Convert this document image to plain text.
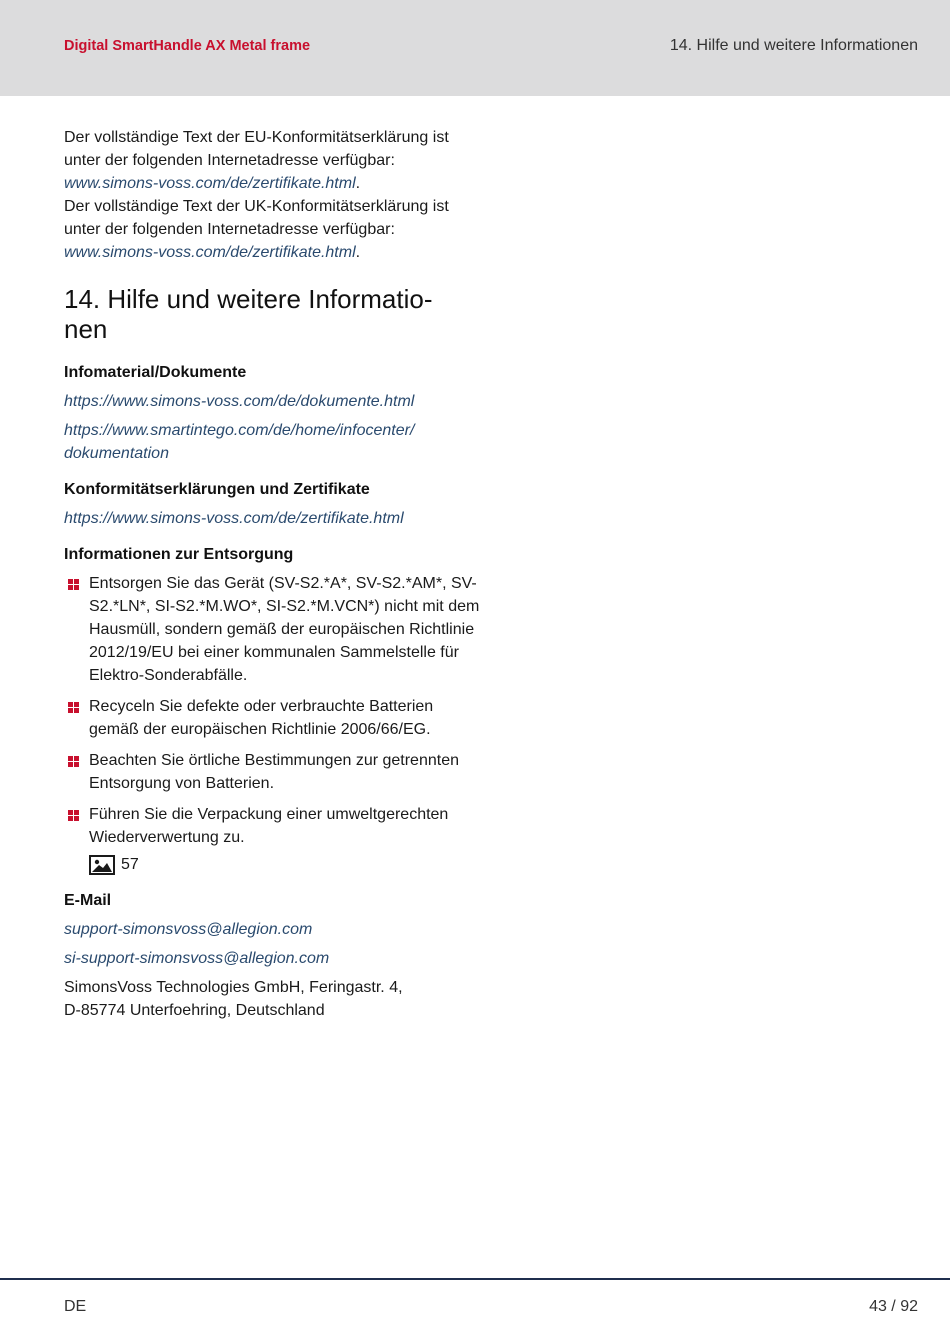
Digital SmartHandle AX Metal frame	14. Hilfe und weitere Informationen

Der vollständige Text der EU-Konformitätserklärung ist unter der folgenden Internetadresse verfügbar:

www.simons-voss.com/de/zertifikate.html.

Der vollständige Text der UK-Konformitätserklärung ist unter der folgenden Internetadresse verfügbar:

www.simons-voss.com/de/zertifikate.html.

14. Hilfe und weitere Informatio-
nen
Infomaterial/Dokumente

https://www.simons-voss.com/de/dokumente.html

https://www.smartintego.com/de/home/infocenter/
dokumentation

Konformitätserklärungen und Zertifikate

https://www.simons-voss.com/de/zertifikate.html

Informationen zur Entsorgung
Entsorgen Sie das Gerät (SV-S2.*A*, SV-S2.*AM*, SV-S2.*LN*, SI-S2.*M.WO*, SI-S2.*M.VCN*) nicht mit dem Hausmüll, sondern gemäß der europäischen Richtlinie 2012/19/EU bei einer kommunalen Sammelstelle für Elektro-Sonderabfälle.
Recyceln Sie defekte oder verbrauchte Batterien gemäß der europäischen Richtlinie 2006/66/EG.
Beachten Sie örtliche Bestimmungen zur getrennten Entsorgung von Batterien.
Führen Sie die Verpackung einer umweltgerechten Wiederverwertung zu.
57
E-Mail

support-simonsvoss@allegion.com

si-support-simonsvoss@allegion.com

SimonsVoss Technologies GmbH, Feringastr. 4,
D-85774 Unterfoehring, Deutschland

DE	43 / 92
